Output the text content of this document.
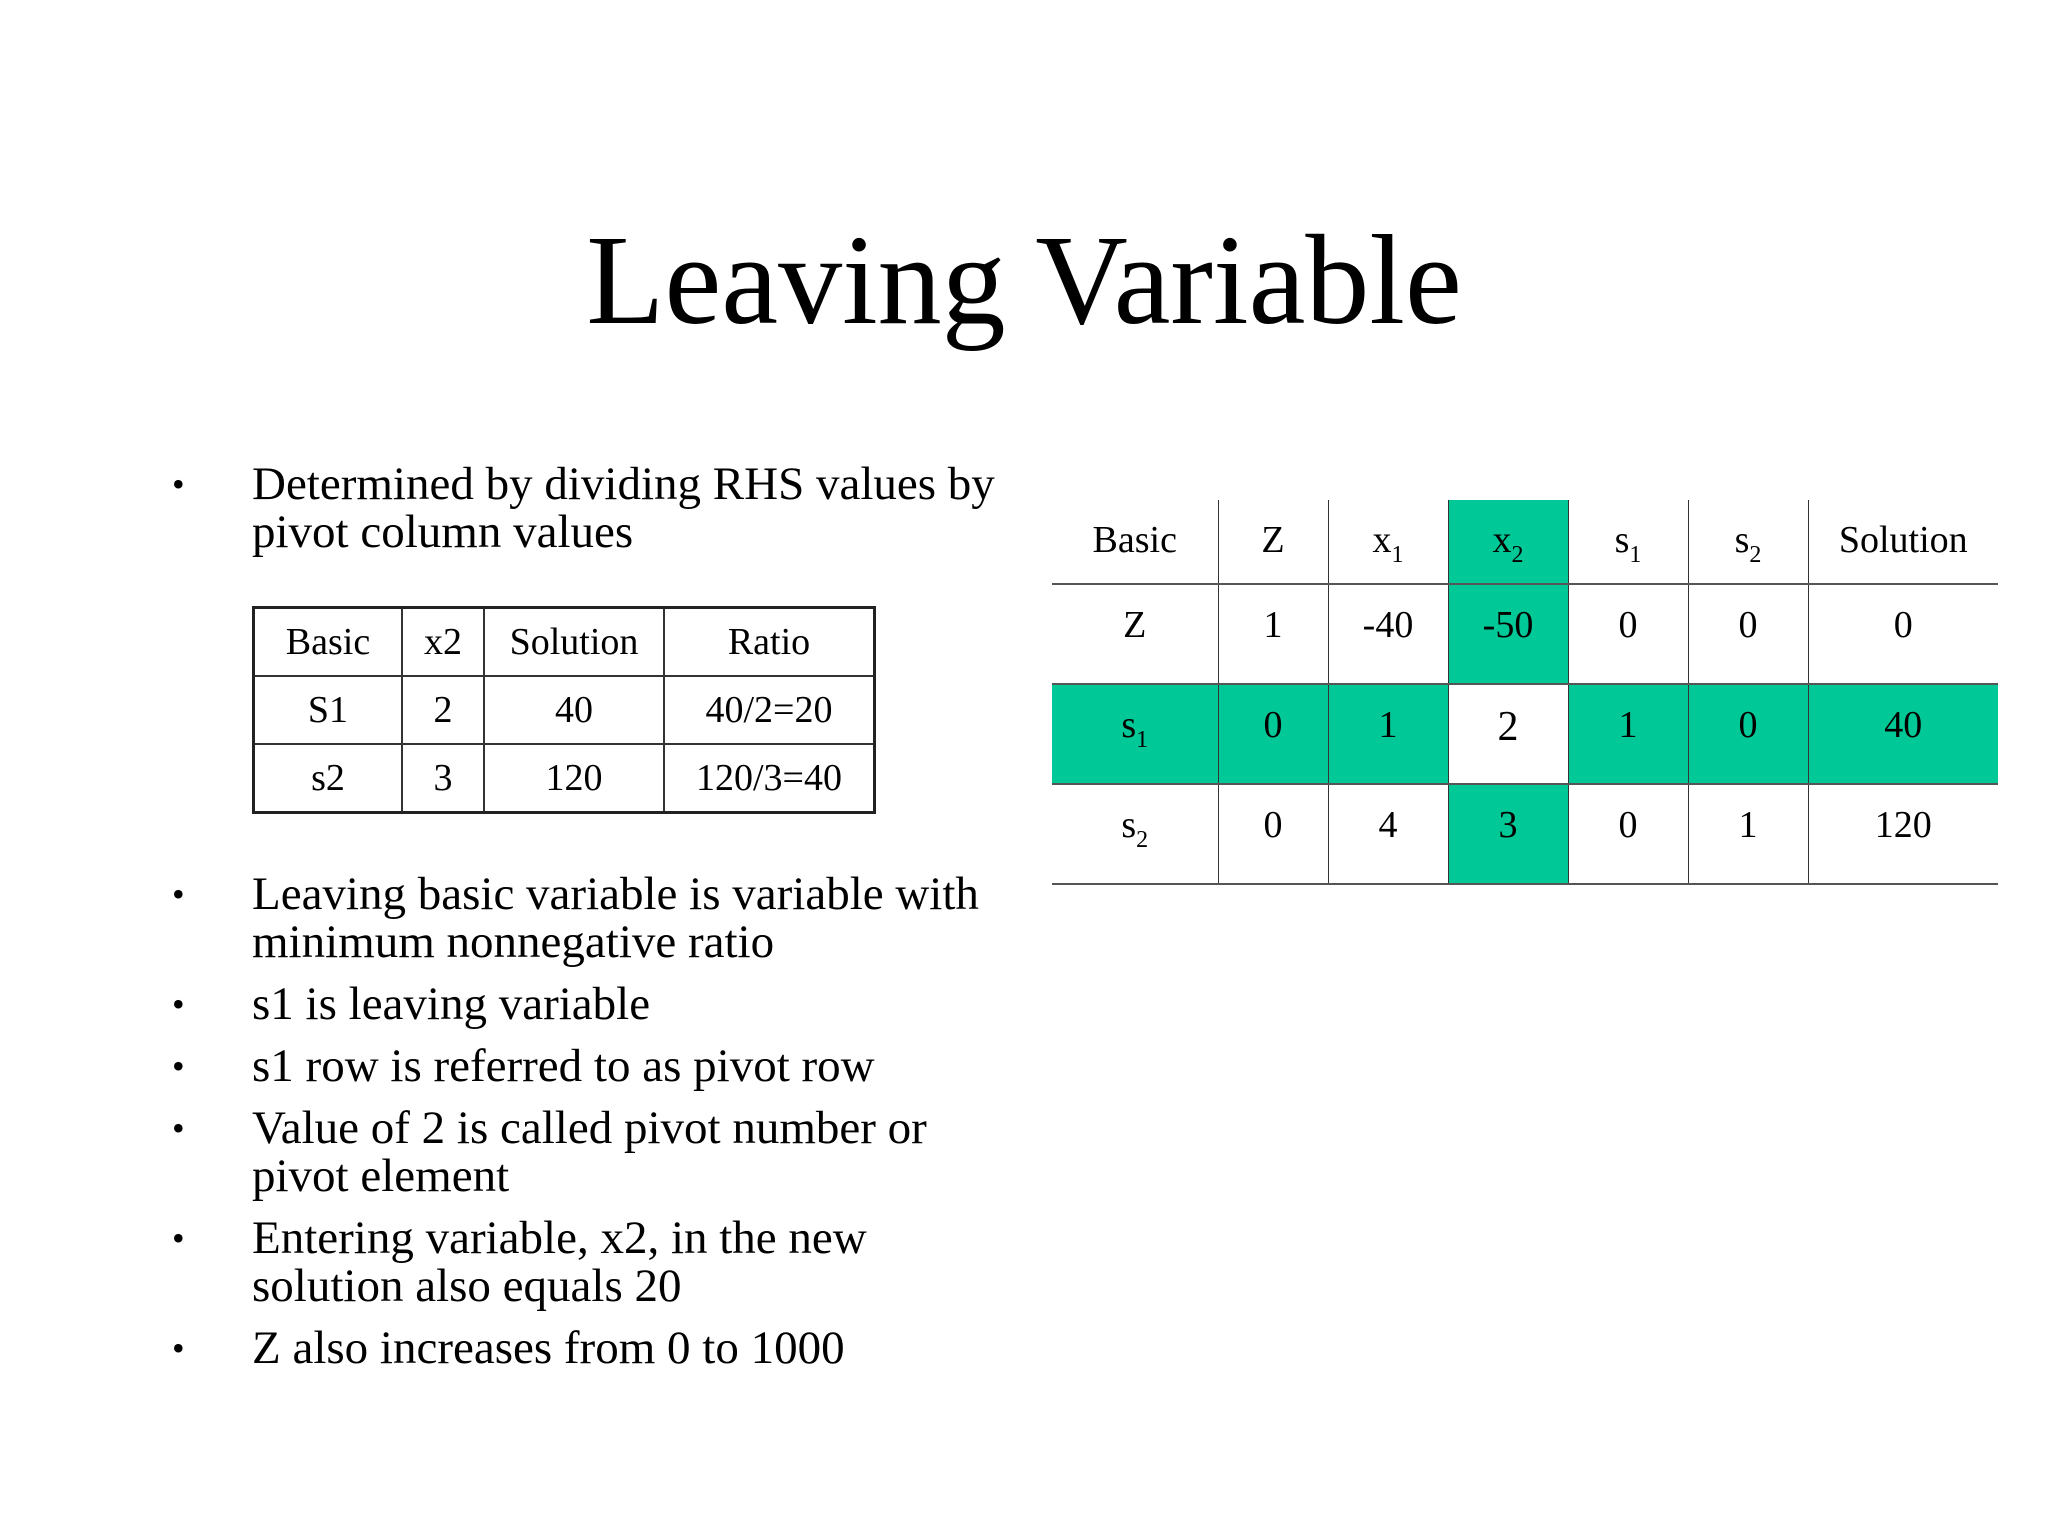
Leaving Variable
• Determined by dividing RHS values by pivot column values
Basic	x2	Solution	Ratio
S1	2	40	40/2=20
s2	3	120	120/3=40
• Leaving basic variable is variable with minimum nonnegative ratio
• s1 is leaving variable
• s1 row is referred to as pivot row
• Value of 2 is called pivot number or pivot element
• Entering variable, x2, in the new solution also equals 20
• Z also increases from 0 to 1000
Basic	Z	$x_1$	$x_2$	$s_1$	$s_2$	Solution
Z	1	-40	-50	0	0	0
$s_1$	0	1	2	1	0	40
$s_2$	0	4	3	0	1	120
